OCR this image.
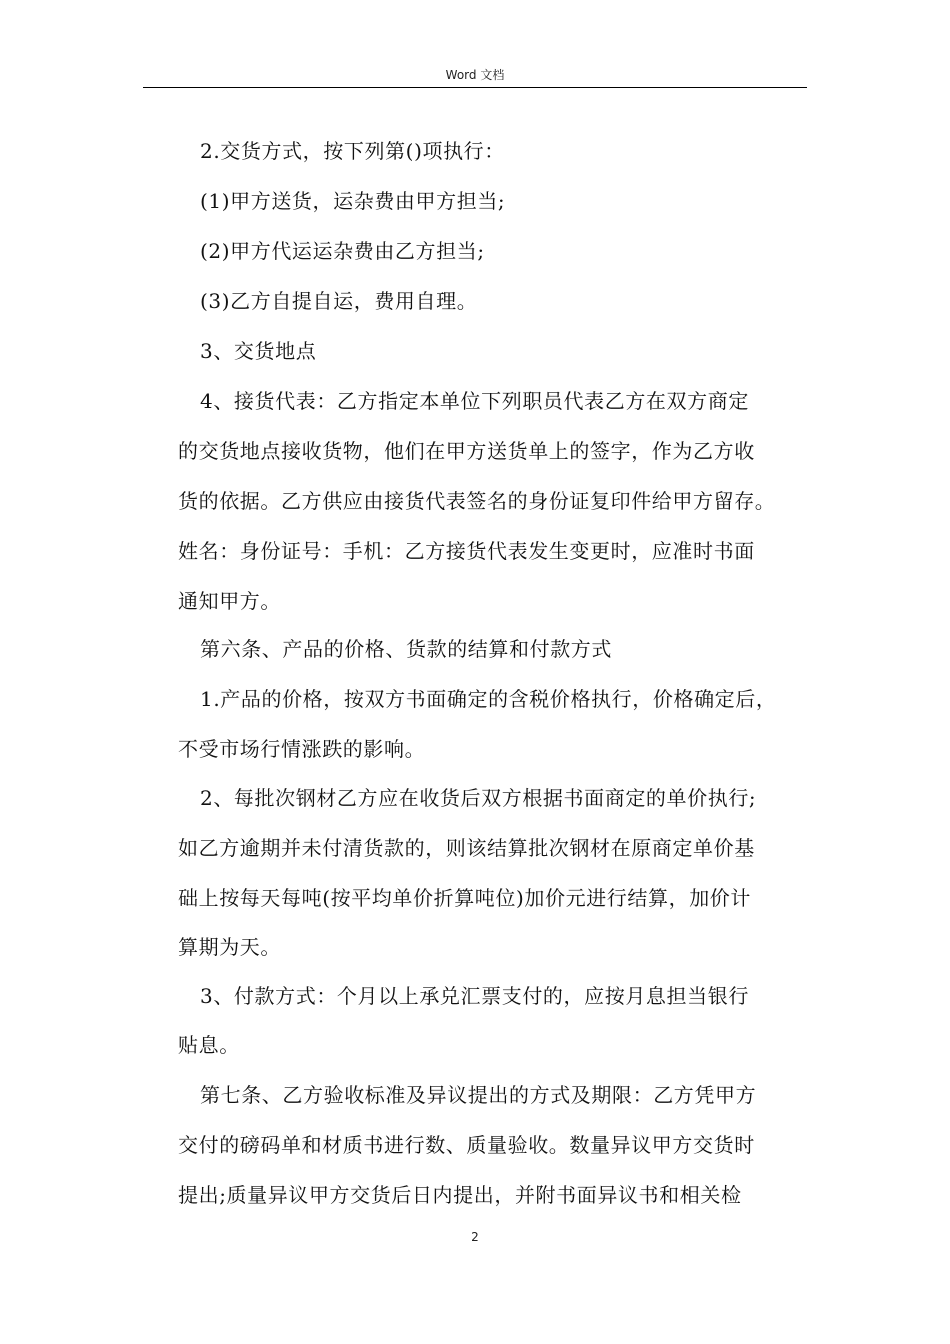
Word 文档
2.交货方式，按下列第()项执行：
(1)甲方送货，运杂费由甲方担当;
(2)甲方代运运杂费由乙方担当;
(3)乙方自提自运，费用自理。
3、交货地点
4、接货代表：乙方指定本单位下列职员代表乙方在双方商定
的交货地点接收货物，他们在甲方送货单上的签字，作为乙方收
货的依据。乙方供应由接货代表签名的身份证复印件给甲方留存。
姓名：身份证号：手机：乙方接货代表发生变更时，应准时书面
通知甲方。
第六条、产品的价格、货款的结算和付款方式
1.产品的价格，按双方书面确定的含税价格执行，价格确定后，
不受市场行情涨跌的影响。
2、每批次钢材乙方应在收货后双方根据书面商定的单价执行;
如乙方逾期并未付清货款的，则该结算批次钢材在原商定单价基
础上按每天每吨(按平均单价折算吨位)加价元进行结算，加价计
算期为天。
3、付款方式：个月以上承兑汇票支付的，应按月息担当银行
贴息。
第七条、乙方验收标准及异议提出的方式及期限：乙方凭甲方
交付的磅码单和材质书进行数、质量验收。数量异议甲方交货时
提出;质量异议甲方交货后日内提出，并附书面异议书和相关检
2
